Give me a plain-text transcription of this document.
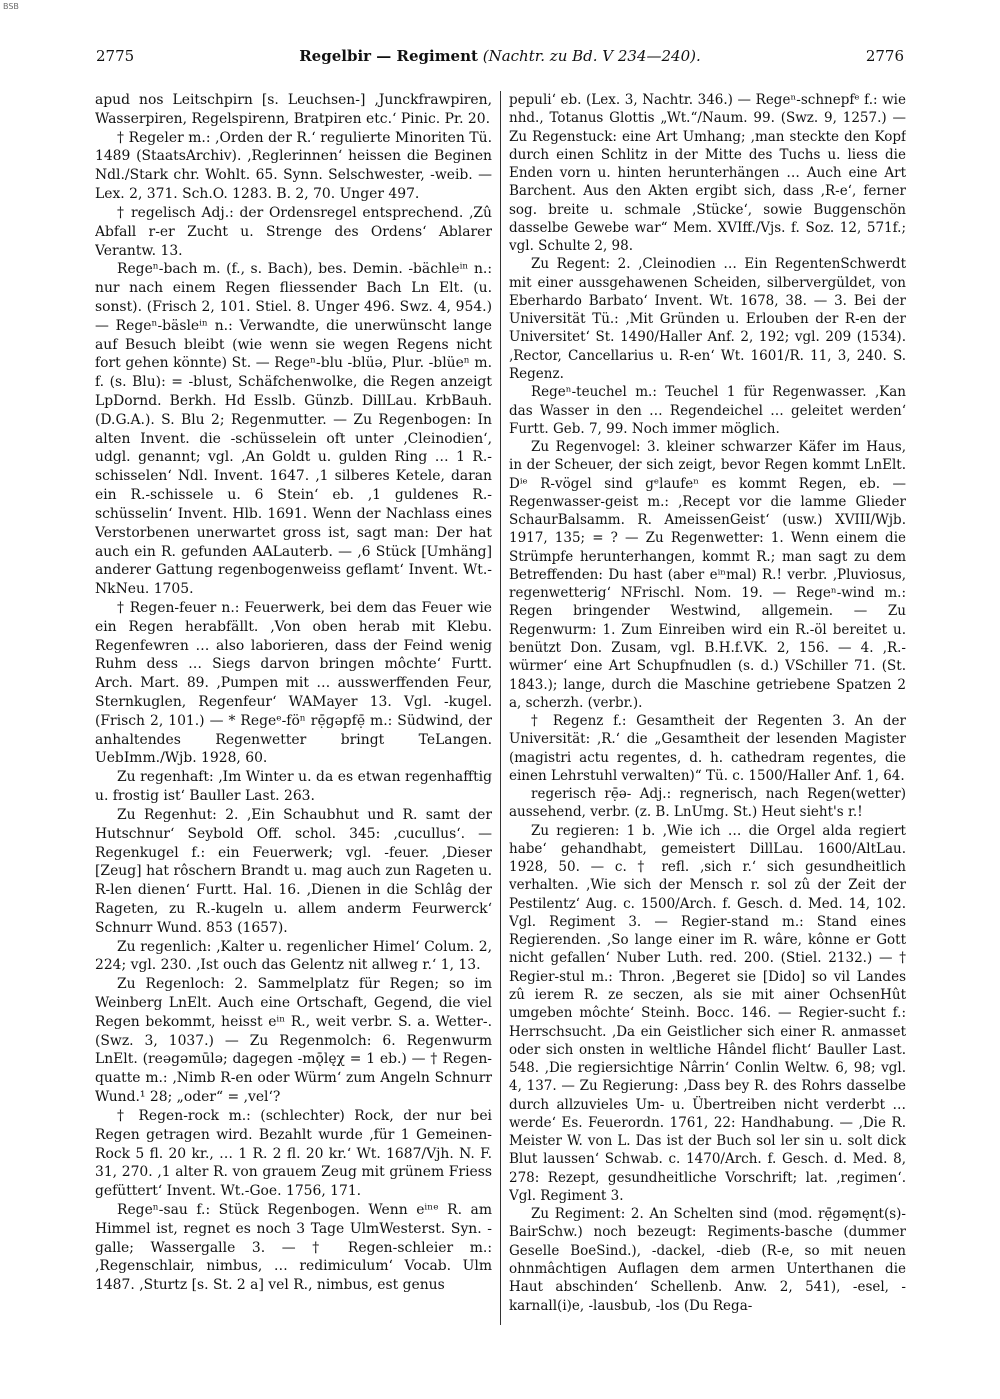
BSB
2775	Regelbir — Regiment (Nachtr. zu Bd. V 234—240).	2776

apud nos Leitschpirn [s. Leuchsen-] ‚Junckfrawpiren, Wasserpiren, Regelspirenn, Bratpiren etc.‘ Pinic. Pr. 20.

† Regeler m.: ‚Orden der R.‘ regulierte Minoriten Tü. 1489 (StaatsArchiv). ‚Reglerinnen‘ heissen die Beginen Ndl./Stark chr. Wohlt. 65. Synn. Selschwester, -weib. — Lex. 2, 371. Sch.O. 1283. B. 2, 70. Unger 497.

† regelisch Adj.: der Ordensregel entsprechend. ‚Zû Abfall r-er Zucht u. Strenge des Ordens‘ Ablarer Verantw. 13.

Regeⁿ-bach m. (f., s. Bach), bes. Demin. -bächleⁱⁿ n.: nur nach einem Regen fliessender Bach Ln Elt. (u. sonst). (Frisch 2, 101. Stiel. 8. Unger 496. Swz. 4, 954.) — Regeⁿ-bäsleⁱⁿ n.: Verwandte, die unerwünscht lange auf Besuch bleibt (wie wenn sie wegen Regens nicht fort gehen könnte) St. — Regeⁿ-blu -blüə, Plur. -blüeⁿ m. f. (s. Blu): = -blust, Schäfchenwolke, die Regen anzeigt LpDornd. Berkh. Hd Esslb. Günzb. DillLau. KrbBauh. (D.G.A.). S. Blu 2; Regenmutter. — Zu Regenbogen: In alten Invent. die -schüsselein oft unter ‚Cleinodien‘, udgl. genannt; vgl. ‚An Goldt u. gulden Ring … 1 R.-schisselen‘ Ndl. Invent. 1647. ‚1 silberes Ketele, daran ein R.-schissele u. 6 Stein‘ eb. ‚1 guldenes R.-schüsselin‘ Invent. Hlb. 1691. Wenn der Nachlass eines Verstorbenen unerwartet gross ist, sagt man: Der hat auch ein R. gefunden AALauterb. — ‚6 Stück [Umhäng] anderer Gattung regenbogenweiss geflamt‘ Invent. Wt.-NkNeu. 1705.

† Regen-feuer n.: Feuerwerk, bei dem das Feuer wie ein Regen herabfällt. ‚Von oben herab mit Klebu. Regenfewren … also laborieren, dass der Feind wenig Ruhm dess … Siegs darvon bringen môchte‘ Furtt. Arch. Mart. 89. ‚Pumpen mit … ausswerffenden Feur, Sternkuglen, Regenfeur‘ WAMayer 13. Vgl. -kugel. (Frisch 2, 101.) — * Regeᵉ-föⁿ rẹ̄gəpfẹ̄ m.: Südwind, der anhaltendes Regenwetter bringt TeLangen. UebImm./Wjb. 1928, 60.

Zu regenhaft: ‚Im Winter u. da es etwan regenhafftig u. frostig ist‘ Bauller Last. 263.

Zu Regenhut: 2. ‚Ein Schaubhut und R. samt der Hutschnur‘ Seybold Off. schol. 345: ‚cucullus‘. — Regenkugel f.: ein Feuerwerk; vgl. -feuer. ‚Dieser [Zeug] hat rôschern Brandt u. mag auch zun Rageten u. R-len dienen‘ Furtt. Hal. 16. ‚Dienen in die Schlâg der Rageten, zu R.-kugeln u. allem anderm Feurwerck‘ Schnurr Wund. 853 (1657).

Zu regenlich: ‚Kalter u. regenlicher Himel‘ Colum. 2, 224; vgl. 230. ‚Ist ouch das Gelentz nit allweg r.‘ 1, 13.

Zu Regenloch: 2. Sammelplatz für Regen; so im Weinberg LnElt. Auch eine Ortschaft, Gegend, die viel Regen bekommt, heisst eⁱⁿ R., weit verbr. S. a. Wetter-. (Swz. 3, 1037.) — Zu Regenmolch: 6. Regenwurm LnElt. (reəgəmūlə; dagegen -mǭlęχ = 1 eb.) — † Regen-quatte m.: ‚Nimb R-en oder Würm‘ zum Angeln Schnurr Wund.¹ 28; „oder“ = ‚vel‘?

† Regen-rock m.: (schlechter) Rock, der nur bei Regen getragen wird. Bezahlt wurde ‚für 1 Gemeinen-Rock 5 fl. 20 kr., … 1 R. 2 fl. 20 kr.‘ Wt. 1687/Vjh. N. F. 31, 270. ‚1 alter R. von grauem Zeug mit grünem Friess gefüttert‘ Invent. Wt.-Goe. 1756, 171.

Regeⁿ-sau f.: Stück Regenbogen. Wenn eⁱⁿᵉ R. am Himmel ist, regnet es noch 3 Tage UlmWesterst. Syn. -galle; Wassergalle 3. — † Regen-schleier m.: ‚Regenschlair, nimbus, … redimiculum‘ Vocab. Ulm 1487. ‚Sturtz [s. St. 2 a] vel R., nimbus, est genus

pepuli‘ eb. (Lex. 3, Nachtr. 346.) — Regeⁿ-schnepfᵉ f.: wie nhd., Totanus Glottis „Wt.“/Naum. 99. (Swz. 9, 1257.) — Zu Regenstuck: eine Art Umhang; ‚man steckte den Kopf durch einen Schlitz in der Mitte des Tuchs u. liess die Enden vorn u. hinten herunterhängen … Auch eine Art Barchent. Aus den Akten ergibt sich, dass ‚R-e‘, ferner sog. breite u. schmale ‚Stücke‘, sowie Buggenschön dasselbe Gewebe war“ Mem. XVIff./Vjs. f. Soz. 12, 571f.; vgl. Schulte 2, 98.

Zu Regent: 2. ‚Cleinodien … Ein RegentenSchwerdt mit einer aussgehawenen Scheiden, silbervergüldet, von Eberhardo Barbato‘ Invent. Wt. 1678, 38. — 3. Bei der Universität Tü.: ‚Mit Gründen u. Erlouben der R-en der Universitet‘ St. 1490/Haller Anf. 2, 192; vgl. 209 (1534). ‚Rector, Cancellarius u. R-en‘ Wt. 1601/R. 11, 3, 240. S. Regenz.

Regeⁿ-teuchel m.: Teuchel 1 für Regenwasser. ‚Kan das Wasser in den … Regendeichel … geleitet werden‘ Furtt. Geb. 7, 99. Noch immer möglich.

Zu Regenvogel: 3. kleiner schwarzer Käfer im Haus, in der Scheuer, der sich zeigt, bevor Regen kommt LnElt. Dⁱᵉ R-vögel sind gᵉlaufeⁿ es kommt Regen, eb. — Regenwasser-geist m.: ‚Recept vor die lamme Glieder SchaurBalsamm. R. AmeissenGeist‘ (usw.) XVIII/Wjb. 1917, 135; = ? — Zu Regenwetter: 1. Wenn einem die Strümpfe herunterhangen, kommt R.; man sagt zu dem Betreffenden: Du hast (aber eⁱⁿmal) R.! verbr. ‚Pluviosus, regenwetterig‘ NFrischl. Nom. 19. — Regeⁿ-wind m.: Regen bringender Westwind, allgemein. — Zu Regenwurm: 1. Zum Einreiben wird ein R.-öl bereitet u. benützt Don. Zusam, vgl. B.H.f.VK. 2, 156. — 4. ‚R.-würmer‘ eine Art Schupfnudlen (s. d.) VSchiller 71. (St. 1843.); lange, durch die Maschine getriebene Spatzen 2 a, scherzh. (verbr.).

† Regenz f.: Gesamtheit der Regenten 3. An der Universität: ‚R.‘ die „Gesamtheit der lesenden Magister (magistri actu regentes, d. h. cathedram regentes, die einen Lehrstuhl verwalten)“ Tü. c. 1500/Haller Anf. 1, 64.

regerisch rẹ̄ə- Adj.: regnerisch, nach Regen(wetter) aussehend, verbr. (z. B. LnUmg. St.) Heut sieht's r.!

Zu regieren: 1 b. ‚Wie ich … die Orgel alda regiert habe‘ gehandhabt, gemeistert DillLau. 1600/AltLau. 1928, 50. — c. † refl. ‚sich r.‘ sich gesundheitlich verhalten. ‚Wie sich der Mensch r. sol zû der Zeit der Pestilentz‘ Aug. c. 1500/Arch. f. Gesch. d. Med. 14, 102. Vgl. Regiment 3. — Regier-stand m.: Stand eines Regierenden. ‚So lange einer im R. wâre, kônne er Gott nicht gefallen‘ Nuber Luth. red. 200. (Stiel. 2132.) — † Regier-stul m.: Thron. ‚Begeret sie [Dido] so vil Landes zû ierem R. ze seczen, als sie mit ainer OchsenHût umgeben môchte‘ Steinh. Bocc. 146. — Regier-sucht f.: Herrschsucht. ‚Da ein Geistlicher sich einer R. anmasset oder sich onsten in weltliche Hândel flicht‘ Bauller Last. 548. ‚Die regiersichtige Nârrin‘ Conlin Weltw. 6, 98; vgl. 4, 137. — Zu Regierung: ‚Dass bey R. des Rohrs dasselbe durch allzuvieles Um- u. Übertreiben nicht verderbt … werde‘ Es. Feuerordn. 1761, 22: Handhabung. — ‚Die R. Meister W. von L. Das ist der Buch sol ler sin u. solt dick Blut laussen‘ Schwab. c. 1470/Arch. f. Gesch. d. Med. 8, 278: Rezept, gesundheitliche Vorschrift; lat. ‚regimen‘. Vgl. Regiment 3.

Zu Regiment: 2. An Schelten sind (mod. rẹ̄gəmęnt(s)-BairSchw.) noch bezeugt: Regiments-basche (dummer Geselle BoeSind.), -dackel, -dieb (R-e, so mit neuen ohnmâchtigen Auflagen dem armen Unterthanen die Haut abschinden‘ Schellenb. Anw. 2, 541), -esel, -karnall(i)e, -lausbub, -los (Du Rega-
